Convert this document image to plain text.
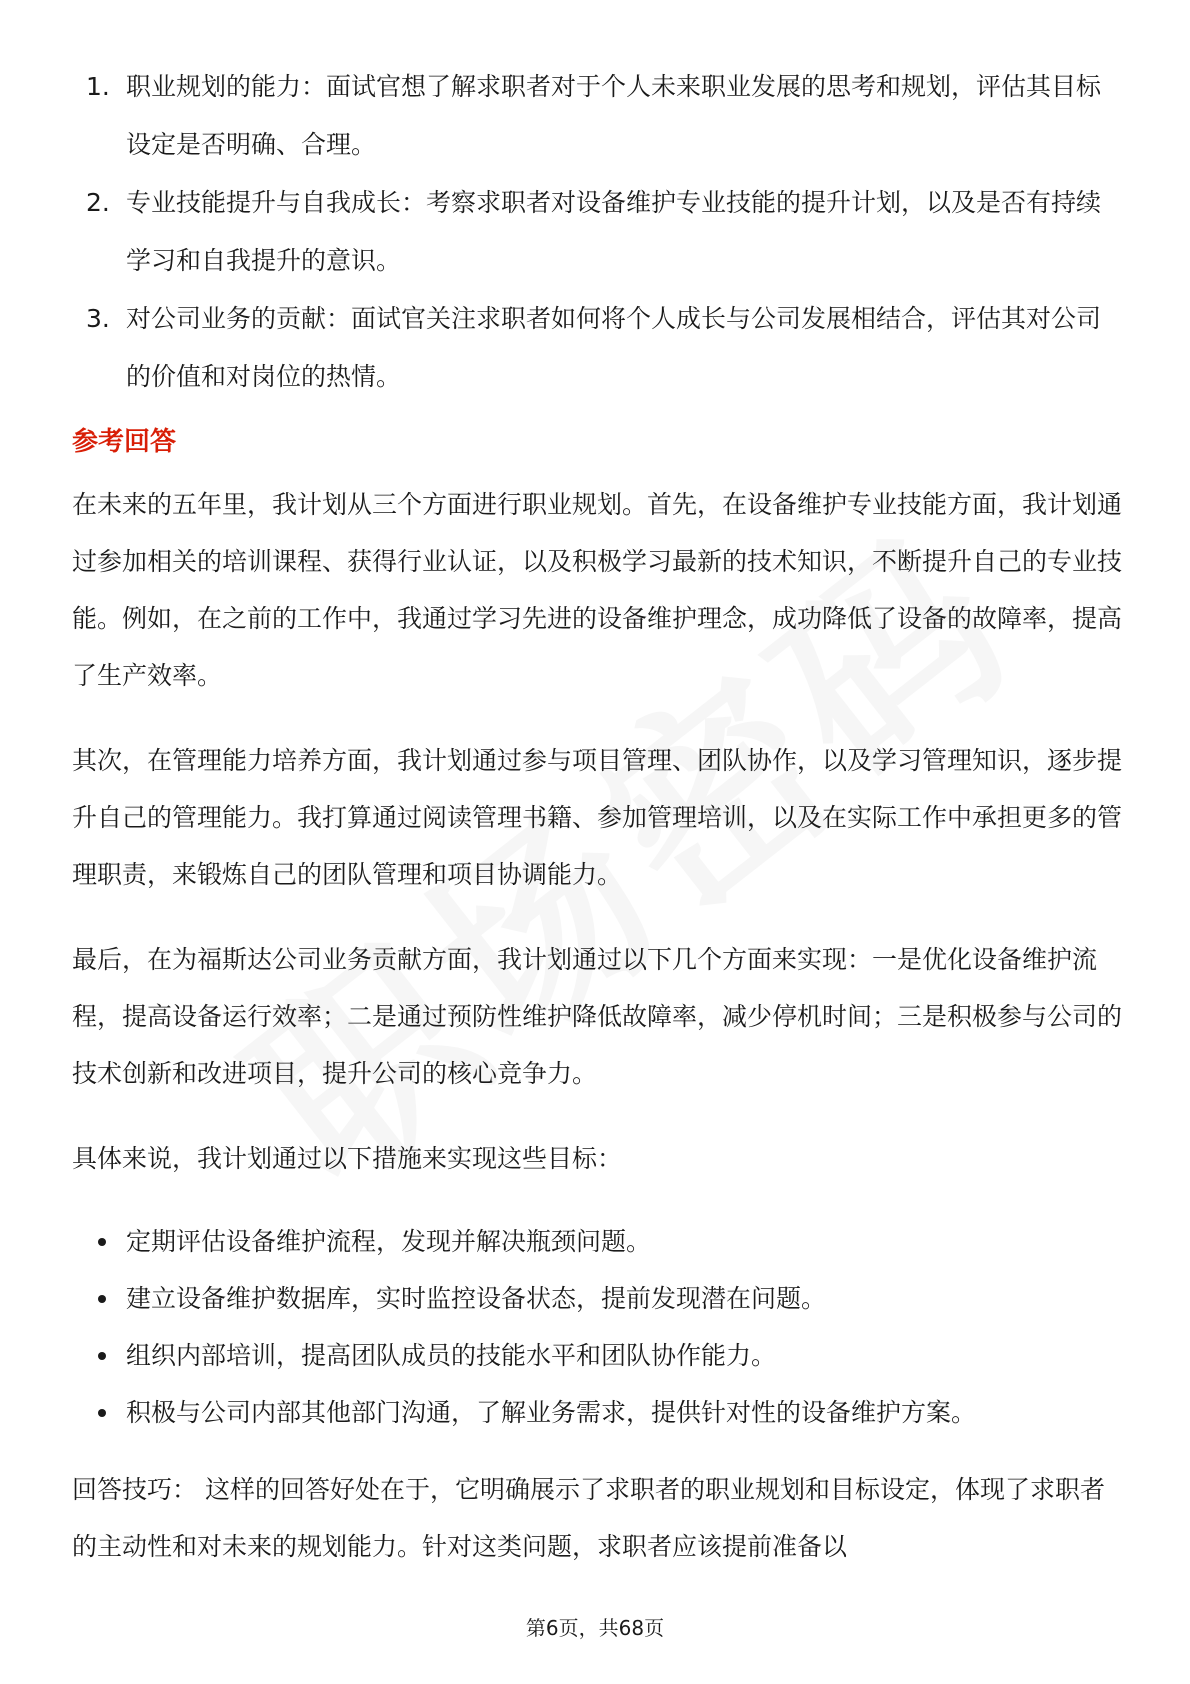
1. 职业规划的能力：面试官想了解求职者对于个人未来职业发展的思考和规划，评估其目标设定是否明确、合理。
2. 专业技能提升与自我成长：考察求职者对设备维护专业技能的提升计划，以及是否有持续学习和自我提升的意识。
3. 对公司业务的贡献：面试官关注求职者如何将个人成长与公司发展相结合，评估其对公司的价值和对岗位的热情。
参考回答

在未来的五年里，我计划从三个方面进行职业规划。首先，在设备维护专业技能方面，我计划通过参加相关的培训课程、获得行业认证，以及积极学习最新的技术知识，不断提升自己的专业技能。例如，在之前的工作中，我通过学习先进的设备维护理念，成功降低了设备的故障率，提高了生产效率。

其次，在管理能力培养方面，我计划通过参与项目管理、团队协作，以及学习管理知识，逐步提升自己的管理能力。我打算通过阅读管理书籍、参加管理培训，以及在实际工作中承担更多的管理职责，来锻炼自己的团队管理和项目协调能力。

最后，在为福斯达公司业务贡献方面，我计划通过以下几个方面来实现：一是优化设备维护流程，提高设备运行效率；二是通过预防性维护降低故障率，减少停机时间；三是积极参与公司的技术创新和改进项目，提升公司的核心竞争力。

具体来说，我计划通过以下措施来实现这些目标：

定期评估设备维护流程，发现并解决瓶颈问题。
建立设备维护数据库，实时监控设备状态，提前发现潜在问题。
组织内部培训，提高团队成员的技能水平和团队协作能力。
积极与公司内部其他部门沟通，了解业务需求，提供针对性的设备维护方案。

回答技巧： 这样的回答好处在于，它明确展示了求职者的职业规划和目标设定，体现了求职者的主动性和对未来的规划能力。针对这类问题，求职者应该提前准备以

第6页，共68页
